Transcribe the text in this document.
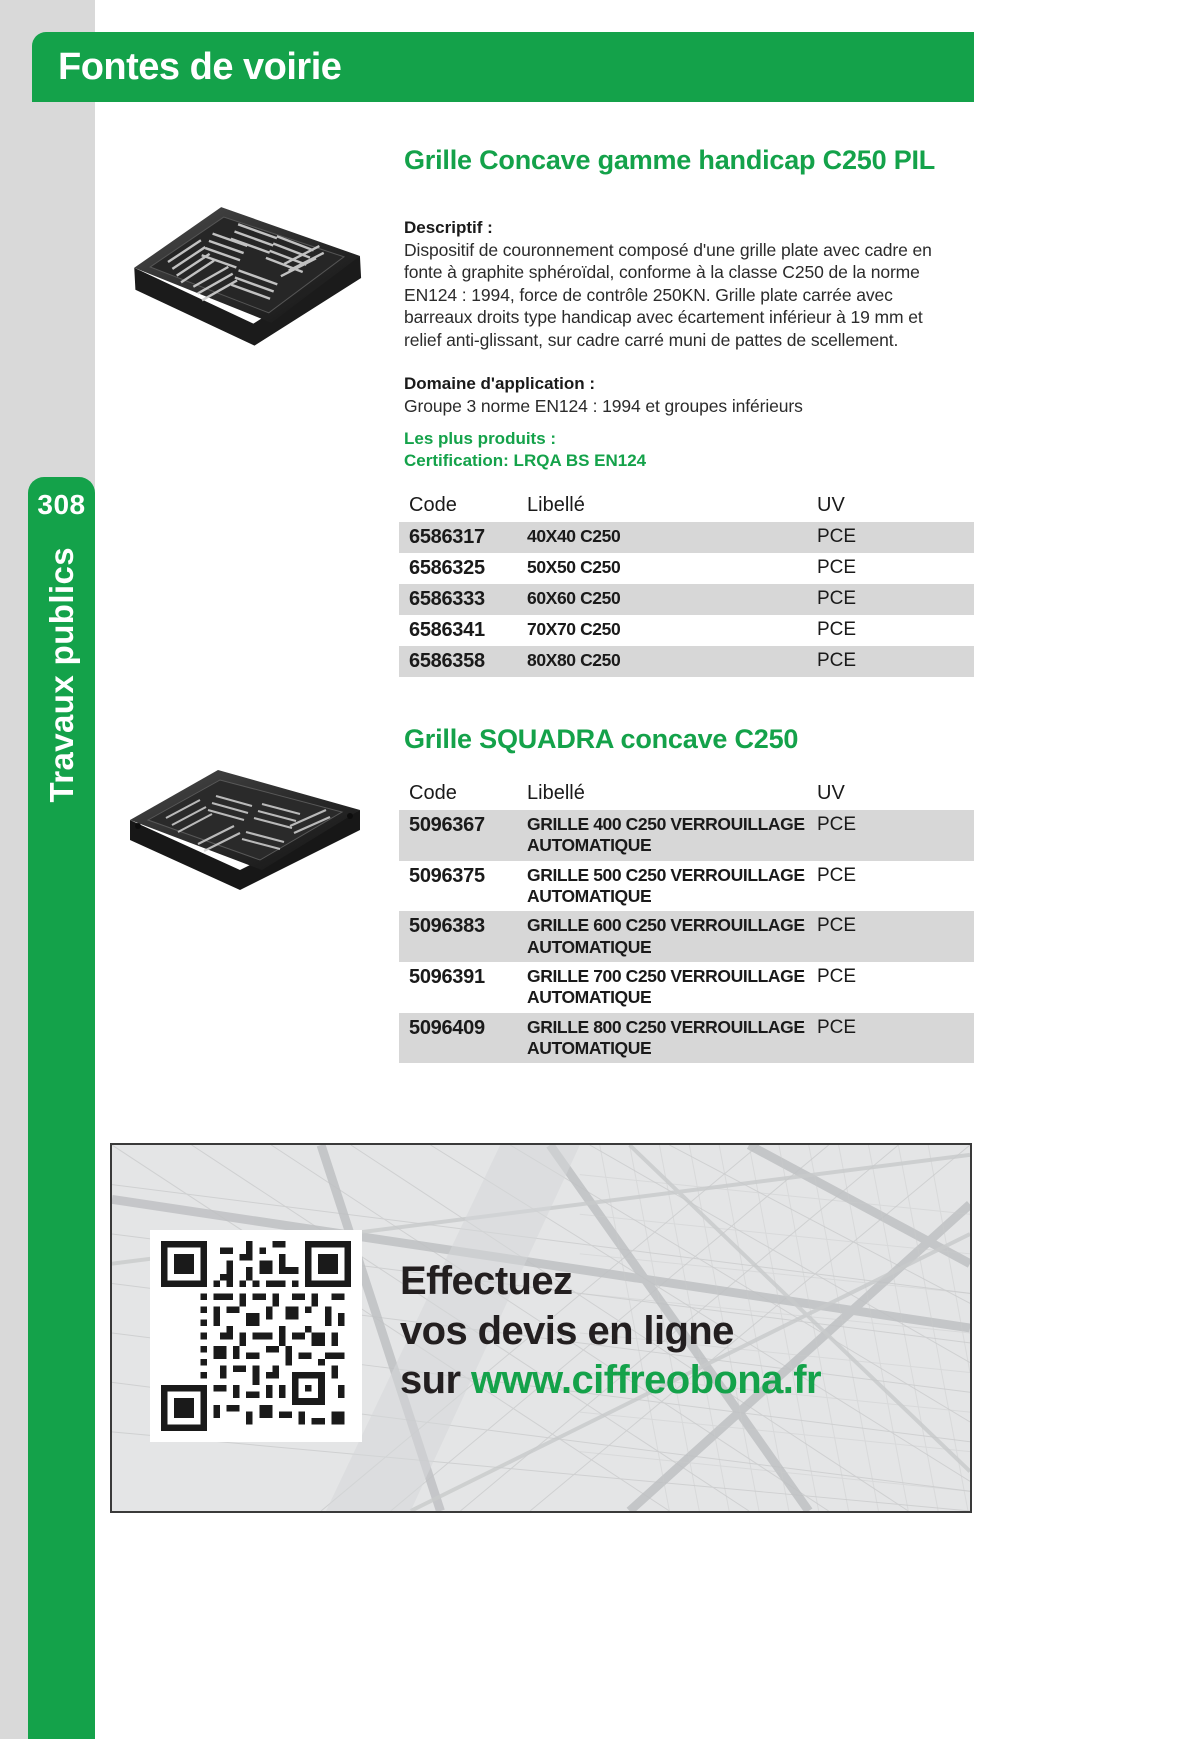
308
Travaux publics
Fontes de voirie
Grille Concave gamme handicap C250 PIL
Descriptif :
Dispositif de couronnement composé d'une grille plate avec cadre en fonte à graphite sphéroïdal, conforme à la classe C250 de la norme EN124 : 1994, force de contrôle 250KN. Grille plate carrée avec barreaux droits type handicap avec écartement inférieur à 19 mm et relief anti-glissant, sur cadre carré muni de pattes de scellement.
Domaine d'application :
Groupe 3 norme EN124 : 1994 et groupes inférieurs
Les plus produits :
Certification: LRQA BS EN124
Code	Libellé	UV
6586317	40X40 C250	PCE
6586325	50X50 C250	PCE
6586333	60X60 C250	PCE
6586341	70X70 C250	PCE
6586358	80X80 C250	PCE
Grille SQUADRA concave C250
Code	Libellé	UV
5096367	GRILLE 400 C250 VERROUILLAGE AUTOMATIQUE	PCE
5096375	GRILLE 500 C250 VERROUILLAGE AUTOMATIQUE	PCE
5096383	GRILLE 600 C250 VERROUILLAGE AUTOMATIQUE	PCE
5096391	GRILLE 700 C250 VERROUILLAGE AUTOMATIQUE	PCE
5096409	GRILLE 800 C250 VERROUILLAGE AUTOMATIQUE	PCE
Effectuez
vos devis en ligne
sur www.ciffreobona.fr
